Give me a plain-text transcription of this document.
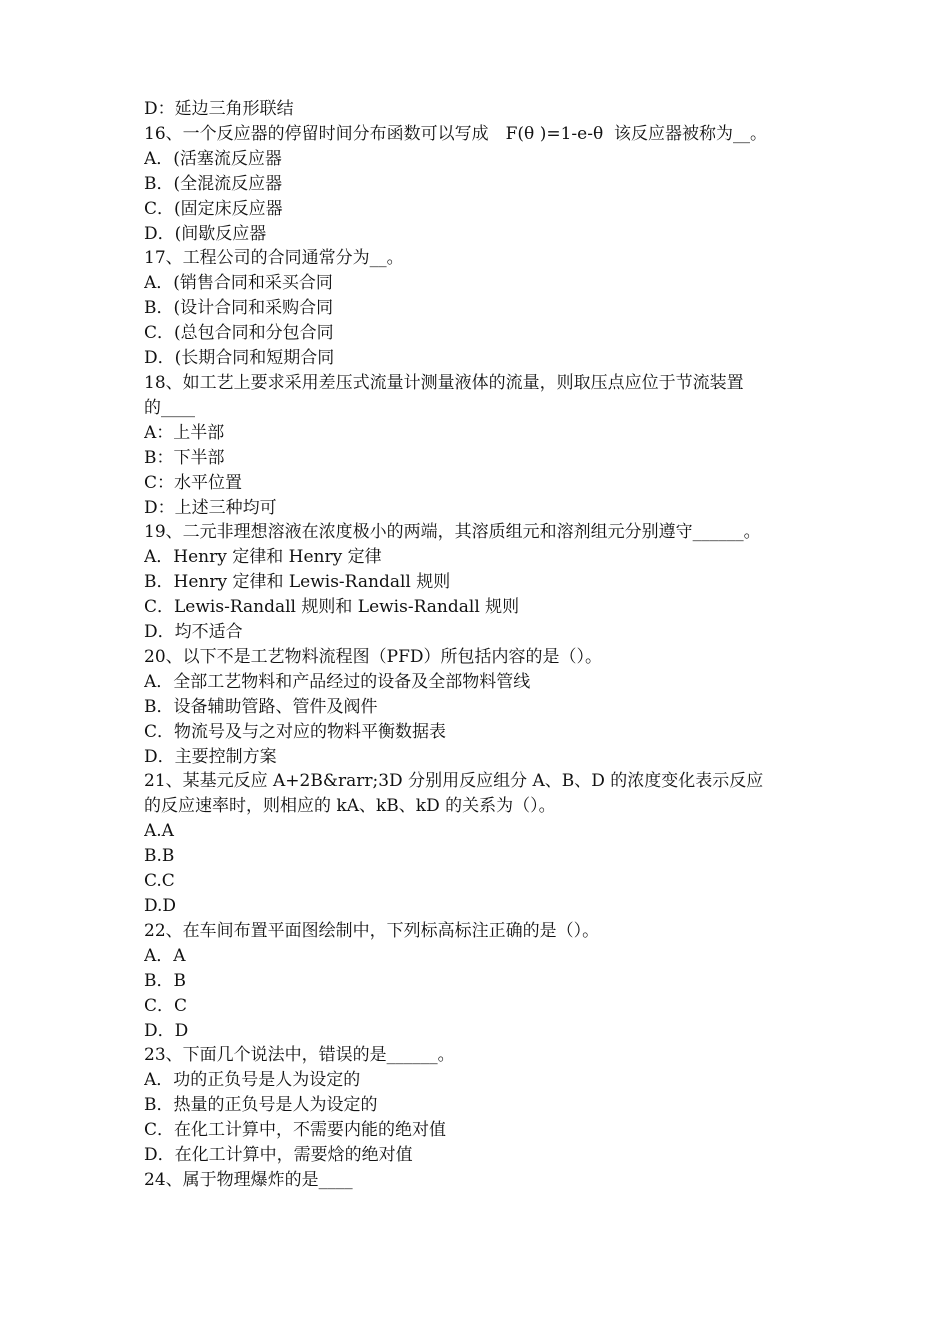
D：延边三角形联结
16、一个反应器的停留时间分布函数可以写成　F(θ )=1-e-θ  该反应器被称为__。
A．(活塞流反应器
B．(全混流反应器
C．(固定床反应器
D．(间歇反应器
17、工程公司的合同通常分为__。
A．(销售合同和采买合同
B．(设计合同和采购合同
C．(总包合同和分包合同
D．(长期合同和短期合同
18、如工艺上要求采用差压式流量计测量液体的流量，则取压点应位于节流装置
的____
A：上半部
B：下半部
C：水平位置
D：上述三种均可
19、二元非理想溶液在浓度极小的两端，其溶质组元和溶剂组元分别遵守______。
A．Henry 定律和 Henry 定律
B．Henry 定律和 Lewis-Randall 规则
C．Lewis-Randall 规则和 Lewis-Randall 规则
D．均不适合
20、以下不是工艺物料流程图（PFD）所包括内容的是（）。
A．全部工艺物料和产品经过的设备及全部物料管线
B．设备辅助管路、管件及阀件
C．物流号及与之对应的物料平衡数据表
D．主要控制方案
21、某基元反应 A+2B&rarr;3D 分别用反应组分 A、B、D 的浓度变化表示反应
的反应速率时，则相应的 kA、kB、kD 的关系为（）。
A.A
B.B
C.C
D.D
22、在车间布置平面图绘制中，下列标高标注正确的是（）。
A．A
B．B
C．C
D．D
23、下面几个说法中，错误的是______。
A．功的正负号是人为设定的
B．热量的正负号是人为设定的
C．在化工计算中，不需要内能的绝对值
D．在化工计算中，需要焓的绝对值
24、属于物理爆炸的是____
